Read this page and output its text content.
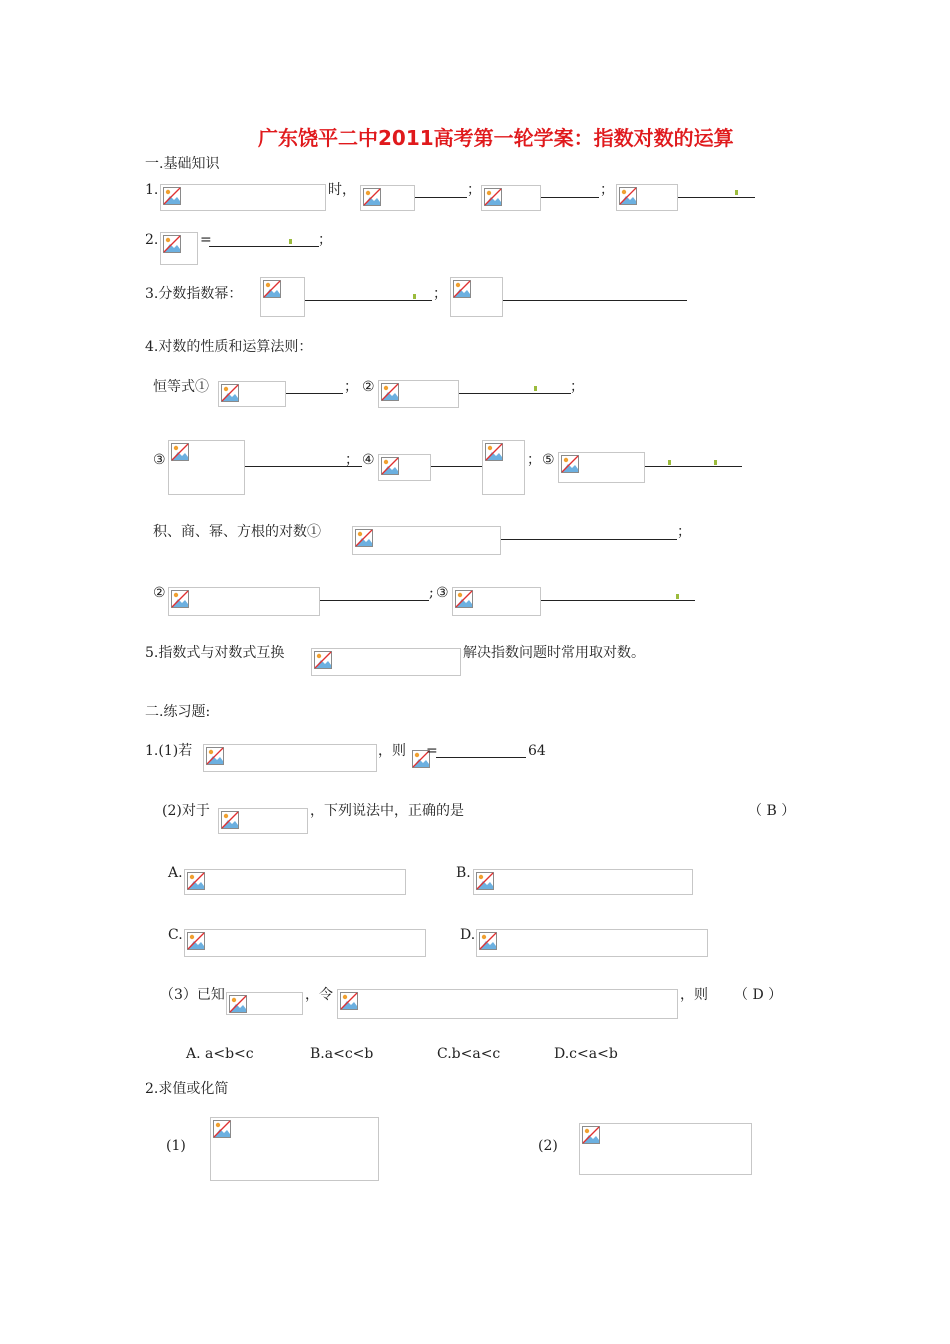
广东饶平二中2011高考第一轮学案：指数对数的运算
一.基础知识
1.	时，	；	；
2.	=	；
3.分数指数幂：	；
4.对数的性质和运算法则：
恒等式①	； ②	；
③	； ④	； ⑤
积、商、幂、方根的对数①	；
②	; ③
5.指数式与对数式互换	解决指数问题时常用取对数。
二.练习题:
1.(1)若	，则 =	64
(2)对于	，下列说法中，正确的是	（ B ）
A.	B.
C.	D.
（3）已知	，令	，则 （ D ）
A. a<b<c	B.a<c<b	C.b<a<c	D.c<a<b
2.求值或化简
(1)	(2)
